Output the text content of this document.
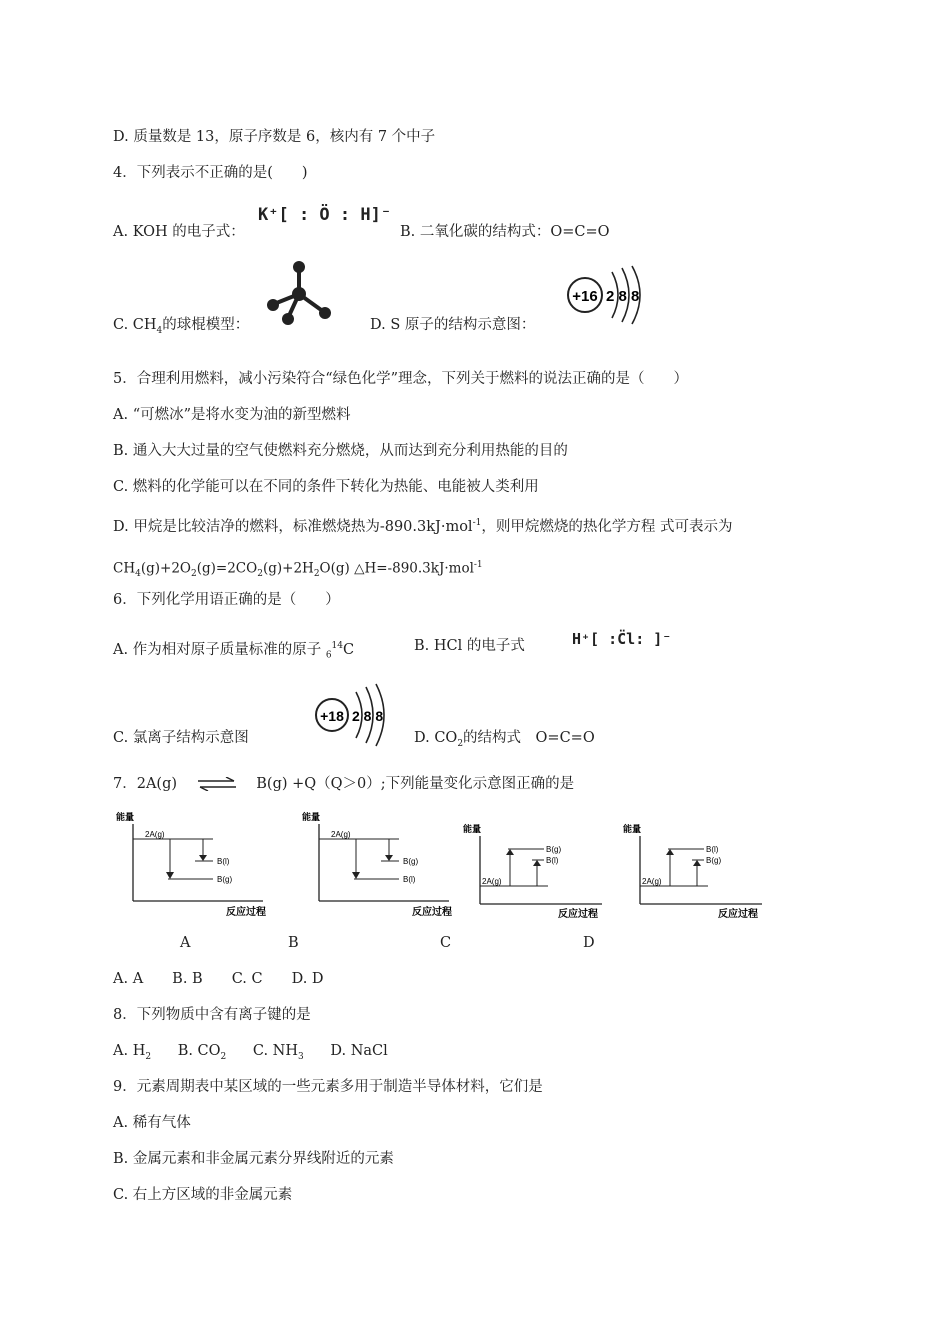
D. 质量数是 13，原子序数是 6，核内有 7 个中子
4．下列表示不正确的是(　　)
A. KOH 的电子式：
K⁺[ : Ö : H]⁻
B. 二氧化碳的结构式：O=C=O
C. $CH_4$的球棍模型：	D. S 原子的结构示意图：
+16 2 8 8
5．合理利用燃料，减小污染符合“绿色化学”理念，下列关于燃料的说法正确的是（　　）
A. “可燃冰”是将水变为油的新型燃料
B. 通入大大过量的空气使燃料充分燃烧，从而达到充分利用热能的目的
C. 燃料的化学能可以在不同的条件下转化为热能、电能被人类利用
D. 甲烷是比较洁净的燃料，标准燃烧热为-890.3kJ·mol$^{-1}$，则甲烷燃烧的热化学方程 式可表示为
$CH_4(g)+2O_2(g)=2CO_2(g)+2H_2O(g)$ △H=-890.3kJ·mol$^{-1}$
6．下列化学用语正确的是（　　）
A. 作为相对原子质量标准的原子 $_6^{14}$C	B. HCl 的电子式	H⁺[ :C̈l: ]⁻
C. 氯离子结构示意图
+18 2 8 8
D. $CO_2$的结构式　O=C=O
7．2A(g) ⇌ B(g) +Q（Q＞0）;下列能量变化示意图正确的是
能量
反应过程
2A(g)
B(l)
B(g)
能量
反应过程
2A(g)
B(g)
B(l)
能量
反应过程
2A(g)
B(g)
B(l)
能量
反应过程
2A(g)
B(l)
B(g)
A	B	C	D
A. A　　B. B　　C. C　　D. D
8．下列物质中含有离子键的是
A. $H_2$ B. $CO_2$ C. $NH_3$ D. NaCl
9．元素周期表中某区域的一些元素多用于制造半导体材料，它们是
A. 稀有气体
B. 金属元素和非金属元素分界线附近的元素
C. 右上方区域的非金属元素
